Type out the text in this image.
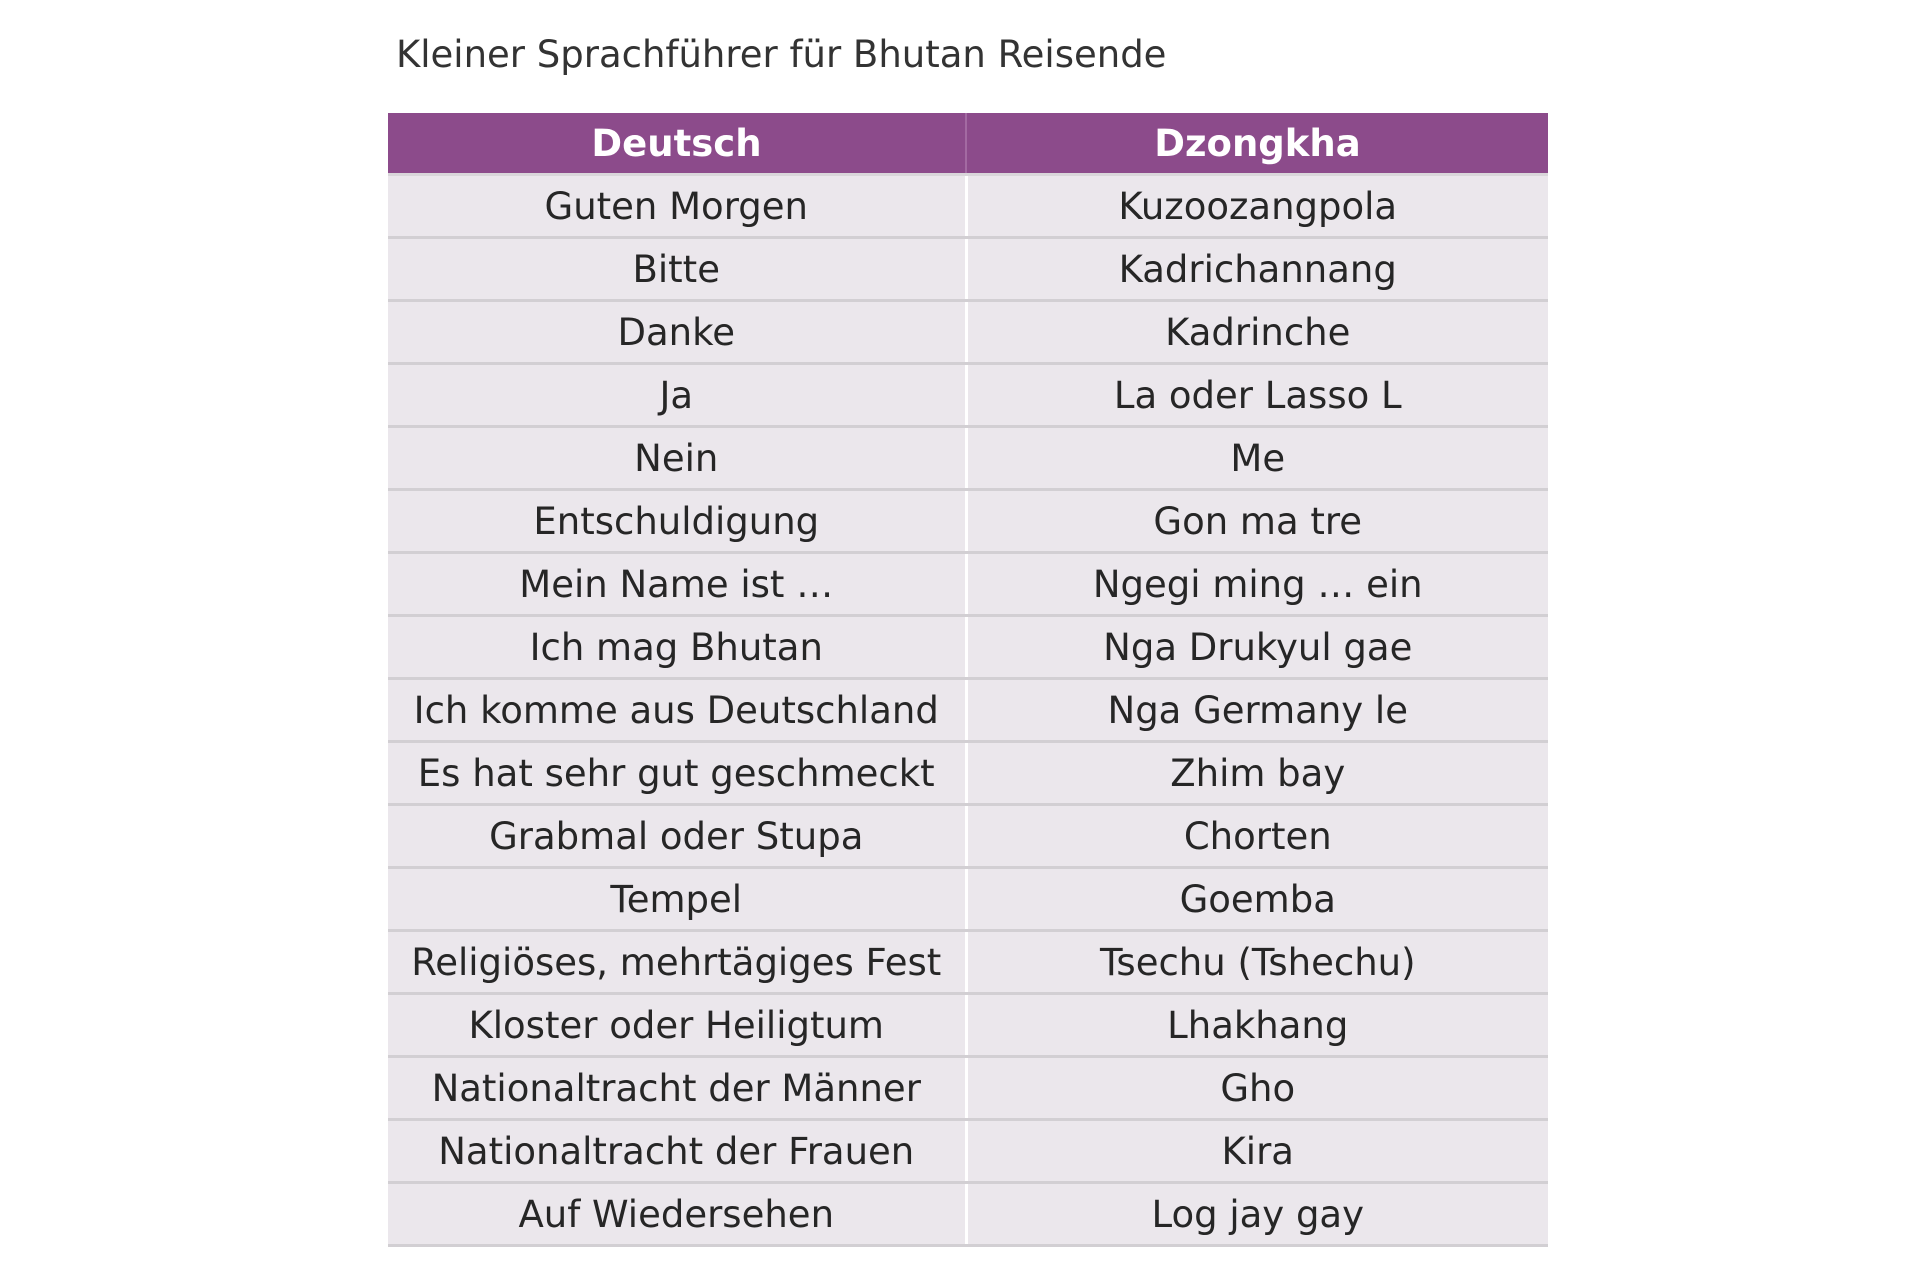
Kleiner Sprachführer für Bhutan Reisende
Deutsch	Dzongkha
Guten Morgen	Kuzoozangpola
Bitte	Kadrichannang
Danke	Kadrinche
Ja	La oder Lasso L
Nein	Me
Entschuldigung	Gon ma tre
Mein Name ist …	Ngegi ming … ein
Ich mag Bhutan	Nga Drukyul gae
Ich komme aus Deutschland	Nga Germany le
Es hat sehr gut geschmeckt	Zhim bay
Grabmal oder Stupa	Chorten
Tempel	Goemba
Religiöses, mehrtägiges Fest	Tsechu (Tshechu)
Kloster oder Heiligtum	Lhakhang
Nationaltracht der Männer	Gho
Nationaltracht der Frauen	Kira
Auf Wiedersehen	Log jay gay
